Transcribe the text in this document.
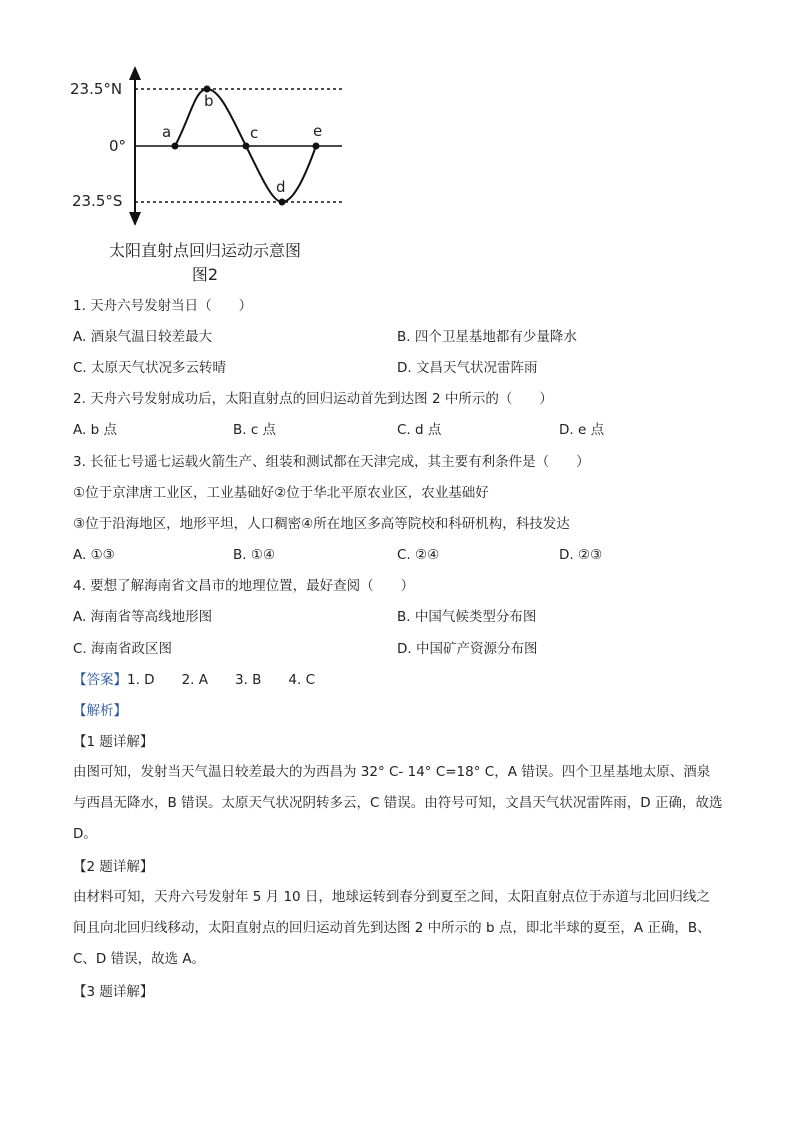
23.5°N
0°
23.5°S
a
b
c
d
e
太阳直射点回归运动示意图
图2
1. 天舟六号发射当日（　　）
A. 酒泉气温日较差最大	B. 四个卫星基地都有少量降水
C. 太原天气状况多云转晴	D. 文昌天气状况雷阵雨
2. 天舟六号发射成功后，太阳直射点的回归运动首先到达图 2 中所示的（　　）
A. b 点	B. c 点	C. d 点	D. e 点
3. 长征七号遥七运载火箭生产、组装和测试都在天津完成，其主要有利条件是（　　）
①位于京津唐工业区，工业基础好②位于华北平原农业区，农业基础好
③位于沿海地区，地形平坦，人口稠密④所在地区多高等院校和科研机构，科技发达
A. ①③	B. ①④	C. ②④	D. ②③
4. 要想了解海南省文昌市的地理位置，最好查阅（　　）
A. 海南省等高线地形图	B. 中国气候类型分布图
C. 海南省政区图	D. 中国矿产资源分布图
【答案】1. D　　2. A　　3. B　　4. C
【解析】
【1 题详解】
由图可知，发射当天气温日较差最大的为西昌为 32° C- 14° C=18° C，A 错误。四个卫星基地太原、酒泉与西昌无降水，B 错误。太原天气状况阴转多云，C 错误。由符号可知，文昌天气状况雷阵雨，D 正确，故选 D。
【2 题详解】
由材料可知，天舟六号发射年 5 月 10 日，地球运转到春分到夏至之间，太阳直射点位于赤道与北回归线之间且向北回归线移动，太阳直射点的回归运动首先到达图 2 中所示的 b 点，即北半球的夏至，A 正确，B、C、D 错误，故选 A。
【3 题详解】
